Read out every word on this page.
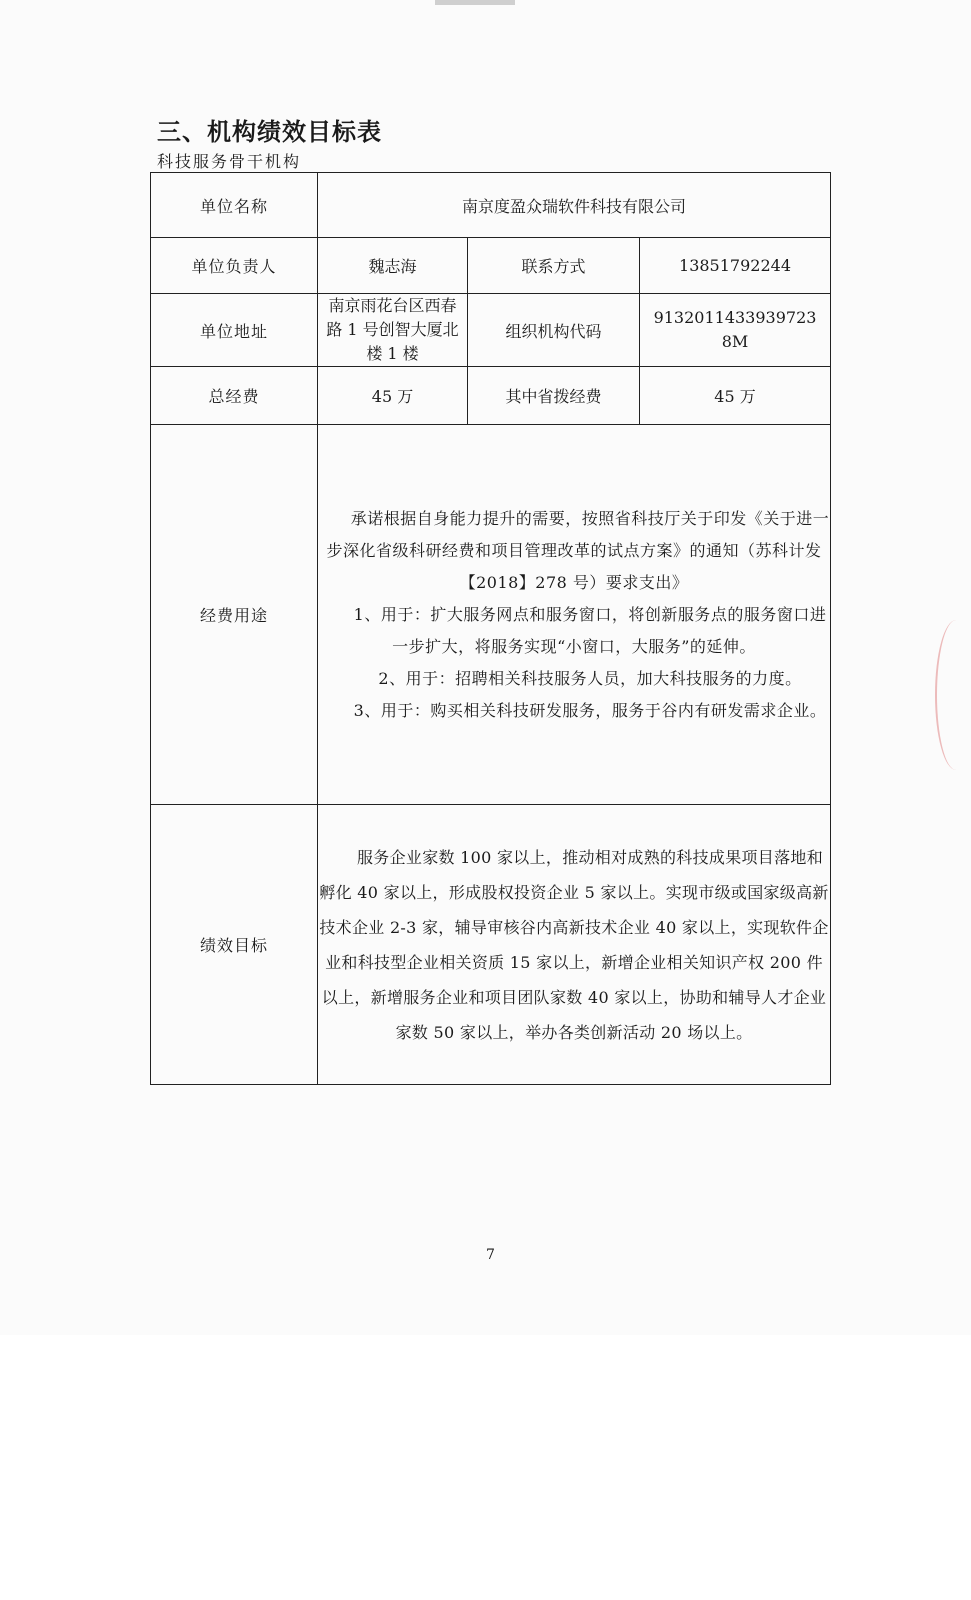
三、机构绩效目标表
科技服务骨干机构
单位名称	南京度盈众瑞软件科技有限公司		
单位负责人	魏志海	联系方式	13851792244
单位地址	南京雨花台区西春路 1 号创智大厦北楼 1 楼	组织机构代码	9132011433939723 8M
总经费	45 万	其中省拨经费	45 万
经费用途	承诺根据自身能力提升的需要，按照省科技厅关于印发《关于进一步深化省级科研经费和项目管理改革的试点方案》的通知（苏科计发【2018】278 号）要求支出》

1、用于：扩大服务网点和服务窗口，将创新服务点的服务窗口进一步扩大，将服务实现“小窗口，大服务”的延伸。

2、用于：招聘相关科技服务人员，加大科技服务的力度。

3、用于：购买相关科技研发服务，服务于谷内有研发需求企业。		

绩效目标	服务企业家数 100 家以上，推动相对成熟的科技成果项目落地和孵化 40 家以上，形成股权投资企业 5 家以上。实现市级或国家级高新技术企业 2-3 家，辅导审核谷内高新技术企业 40 家以上，实现软件企业和科技型企业相关资质 15 家以上，新增企业相关知识产权 200 件以上，新增服务企业和项目团队家数 40 家以上，协助和辅导人才企业家数 50 家以上，举办各类创新活动 20 场以上。		
7
